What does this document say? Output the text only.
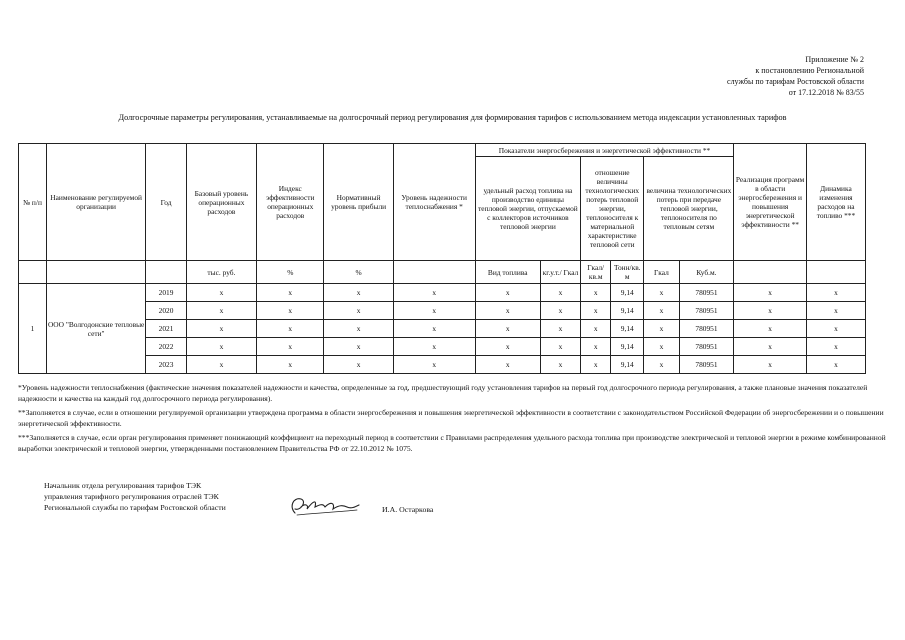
Приложение № 2
к постановлению Региональной
службы по тарифам Ростовской области
от 17.12.2018 № 83/55
Долгосрочные параметры регулирования, устанавливаемые на долгосрочный период регулирования для формирования тарифов с использованием метода индексации установленных тарифов
№ п/п	Наименование регулируемой организации	Год	Базовый уровень операционных расходов	Индекс эффективности операционных расходов	Нормативный уровень прибыли	Уровень надежности теплоснабжения *	Показатели энергосбережения и энергетической эффективности **						Реализация программ в области энергосбережения и повышения энергетической эффективности **	Динамика изменения расходов на топливо ***
							удельный расход топлива на производство единицы тепловой энергии, отпускаемой с коллекторов источников тепловой энергии		отношение величины технологических потерь тепловой энергии, теплоносителя к материальной характеристике тепловой сети		величина технологических потерь при передаче тепловой энергии, теплоносителя по тепловым сетям			
			тыс. руб.	%	%		Вид топлива	кг.у.т./ Гкал	Гкал/ кв.м	Тонн/кв. м	Гкал	Куб.м.		
1	ООО "Волгодонские тепловые сети"	2019	x	x	x	x	x	x	x	9,14	x	780951	x	x
		2020	x	x	x	x	x	x	x	9,14	x	780951	x	x
		2021	x	x	x	x	x	x	x	9,14	x	780951	x	x
		2022	x	x	x	x	x	x	x	9,14	x	780951	x	x
		2023	x	x	x	x	x	x	x	9,14	x	780951	x	x

*Уровень надежности теплоснабжения (фактические значения показателей надежности и качества, определенные за год, предшествующий году установления тарифов на первый год долгосрочного периода регулирования, а также плановые значения показателей надежности и качества на каждый год долгосрочного периода регулирования).

**Заполняется в случае, если в отношении регулируемой организации утверждена программа в области энергосбережения и повышения энергетической эффективности в соответствии с законодательством Российской Федерации об энергосбережении и о повышении энергетической эффективности.

***Заполняется в случае, если орган регулирования применяет понижающий коэффициент на переходный период в соответствии с Правилами распределения удельного расхода топлива при производстве электрической и тепловой энергии в режиме комбинированной выработки электрической и тепловой энергии, утвержденными постановлением Правительства РФ от 22.10.2012 № 1075.

Начальник отдела регулирования тарифов ТЭК
управления тарифного регулирования отраслей ТЭК
Региональной службы по тарифам Ростовской области	И.А. Остаркова
